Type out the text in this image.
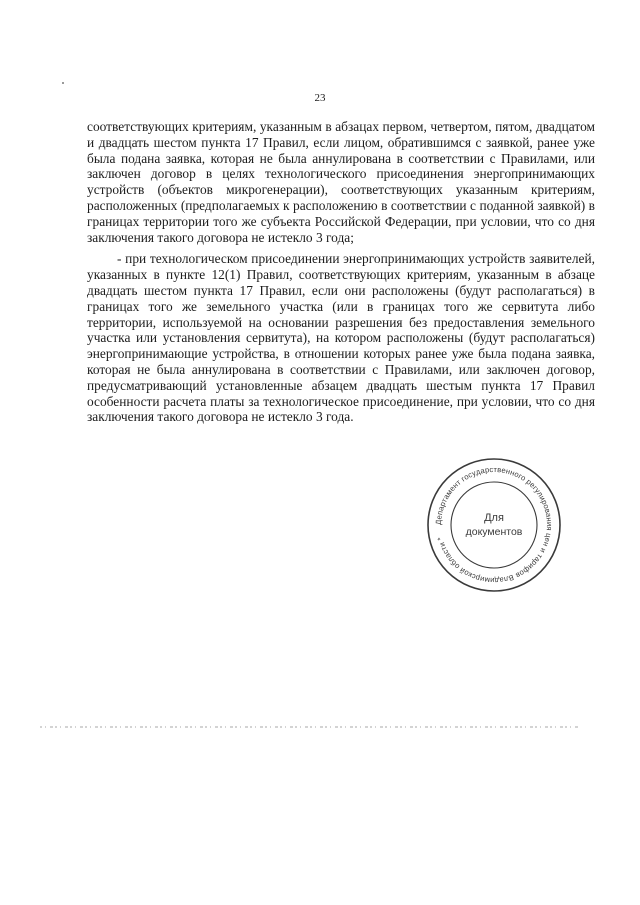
23

соответствующих критериям, указанным в абзацах первом, четвертом, пятом, двадцатом и двадцать шестом пункта 17 Правил, если лицом, обратившимся с заявкой, ранее уже была подана заявка, которая не была аннулирована в соответствии с Правилами, или заключен договор в целях технологического присоединения энергопринимающих устройств (объектов микрогенерации), соответствующих указанным критериям, расположенных (предполагаемых к расположению в соответствии с поданной заявкой) в границах территории того же субъекта Российской Федерации, при условии, что со дня заключения такого договора не истекло 3 года;

- при технологическом присоединении энергопринимающих устройств заявителей, указанных в пункте 12(1) Правил, соответствующих критериям, указанным в абзаце двадцать шестом пункта 17 Правил, если они расположены (будут располагаться) в границах того же земельного участка (или в границах того же сервитута либо территории, используемой на основании разрешения без предоставления земельного участка или установления сервитута), на котором расположены (будут располагаться) энергопринимающие устройства, в отношении которых ранее уже была подана заявка, которая не была аннулирована в соответствии с Правилами, или заключен договор, предусматривающий установленные абзацем двадцать шестым пункта 17 Правил особенности расчета платы за технологическое присоединение, при условии, что со дня заключения такого договора не истекло 3 года.

Департамент государственного регулирования цен и тарифов Владимирской области *
Для
документов
